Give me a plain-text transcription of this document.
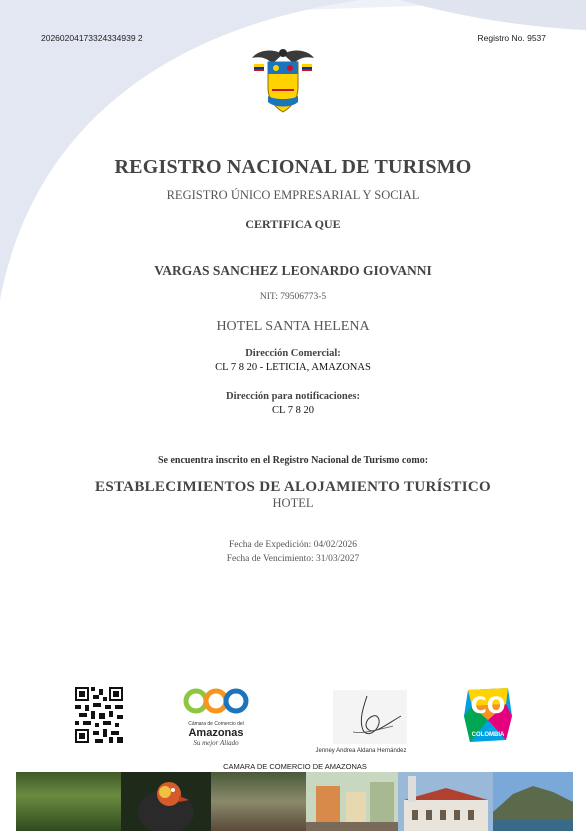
20260204173324334939 2	Registro No. 9537
REGISTRO NACIONAL DE TURISMO
REGISTRO ÚNICO EMPRESARIAL Y SOCIAL
CERTIFICA QUE
VARGAS SANCHEZ LEONARDO GIOVANNI
NIT: 79506773-5
HOTEL SANTA HELENA
Dirección Comercial:
CL 7 8 20 - LETICIA, AMAZONAS
Dirección para notificaciones:
CL 7 8 20
Se encuentra inscrito en el Registro Nacional de Turismo como:
ESTABLECIMIENTOS DE ALOJAMIENTO TURÍSTICO
HOTEL
Fecha de Expedición: 04/02/2026
Fecha de Vencimiento: 31/03/2027
Cámara de Comercio del
Amazonas
Su mejor Aliado
Jenney Andrea Aldana Hernández
CO
COLOMBIA
CAMARA DE COMERCIO DE AMAZONAS
